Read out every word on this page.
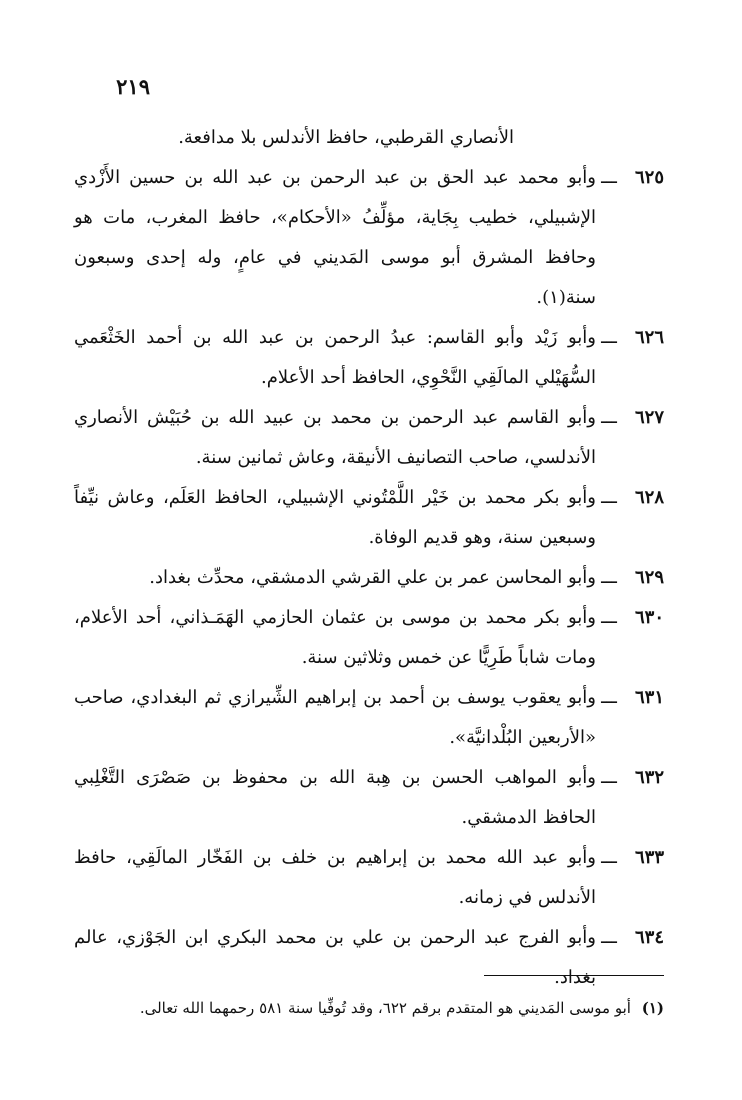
٢١٩
الأنصاري القرطبي، حافظ الأندلس بلا مدافعة.
٦٢٥
ـــ
وأبو محمد عبد الحق بن عبد الرحمن بن عبد الله بن حسين الأَزْدي الإشبيلي، خطيب بِجَاية، مؤلِّفُ «الأحكام»، حافظ المغرب، مات هو وحافظ المشرق أبو موسى المَديني في عامٍ، وله إحدى وسبعون سنة(١).
٦٢٦
ـــ
وأبو زَيْد وأبو القاسم: عبدُ الرحمن بن عبد الله بن أحمد الخَثْعَمي السُّهَيْلي المالَقِي النَّحْوِي، الحافظ أحد الأعلام.
٦٢٧
ـــ
وأبو القاسم عبد الرحمن بن محمد بن عبيد الله بن حُبَيْش الأنصاري الأندلسي، صاحب التصانيف الأنيقة، وعاش ثمانين سنة.
٦٢٨
ـــ
وأبو بكر محمد بن خَيْر اللَّمْتُوني الإشبيلي، الحافظ العَلَم، وعاش نيِّفاً وسبعين سنة، وهو قديم الوفاة.
٦٢٩
ـــ
وأبو المحاسن عمر بن علي القرشي الدمشقي، محدِّث بغداد.
٦٣٠
ـــ
وأبو بكر محمد بن موسى بن عثمان الحازمي الهَمَـذاني، أحد الأعلام، ومات شاباً طَرِيًّا عن خمس وثلاثين سنة.
٦٣١
ـــ
وأبو يعقوب يوسف بن أحمد بن إبراهيم الشِّيرازي ثم البغدادي، صاحب «الأربعين البُلْدانيَّة».
٦٣٢
ـــ
وأبو المواهب الحسن بن هِبة الله بن محفوظ بن صَصْرَى التَّغْلِبي الحافظ الدمشقي.
٦٣٣
ـــ
وأبو عبد الله محمد بن إبراهيم بن خلف بن الفَخّار المالَقِي، حافظ الأندلس في زمانه.
٦٣٤
ـــ
وأبو الفرج عبد الرحمن بن علي بن محمد البكري ابن الجَوْزي، عالم بغداد.
(١) أبو موسى المَديني هو المتقدم برقم ٦٢٢، وقد تُوفِّيا سنة ٥٨١ رحمهما الله تعالى.
